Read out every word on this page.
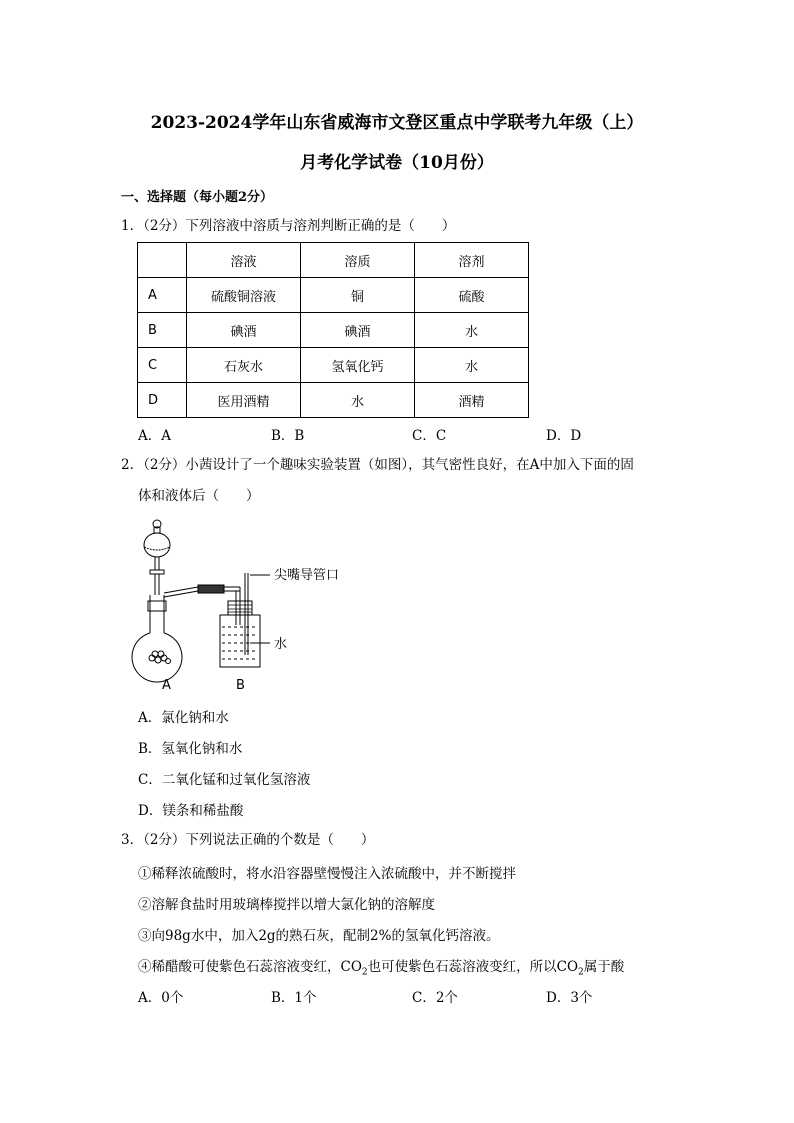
2023-2024学年山东省威海市文登区重点中学联考九年级（上）
月考化学试卷（10月份）
一、选择题（每小题2分）
1．（2分）下列溶液中溶质与溶剂判断正确的是（　　）
	溶液	溶质	溶剂
A	硫酸铜溶液	铜	硫酸
B	碘酒	碘酒	水
C	石灰水	氢氧化钙	水
D	医用酒精	水	酒精
A．A	B．B	C．C	D．D
2．（2分）小茜设计了一个趣味实验装置（如图），其气密性良好，在A中加入下面的固
体和液体后（　　）
尖嘴导管口
水
A	B
A．氯化钠和水
B．氢氧化钠和水
C．二氧化锰和过氧化氢溶液
D．镁条和稀盐酸
3．（2分）下列说法正确的个数是（　　）
①稀释浓硫酸时，将水沿容器壁慢慢注入浓硫酸中，并不断搅拌
②溶解食盐时用玻璃棒搅拌以增大氯化钠的溶解度
③向98g水中，加入2g的熟石灰，配制2%的氢氧化钙溶液。
④稀醋酸可使紫色石蕊溶液变红，$CO_2$也可使紫色石蕊溶液变红，所以$CO_2$属于酸
A．0个	B．1个	C．2个	D．3个
